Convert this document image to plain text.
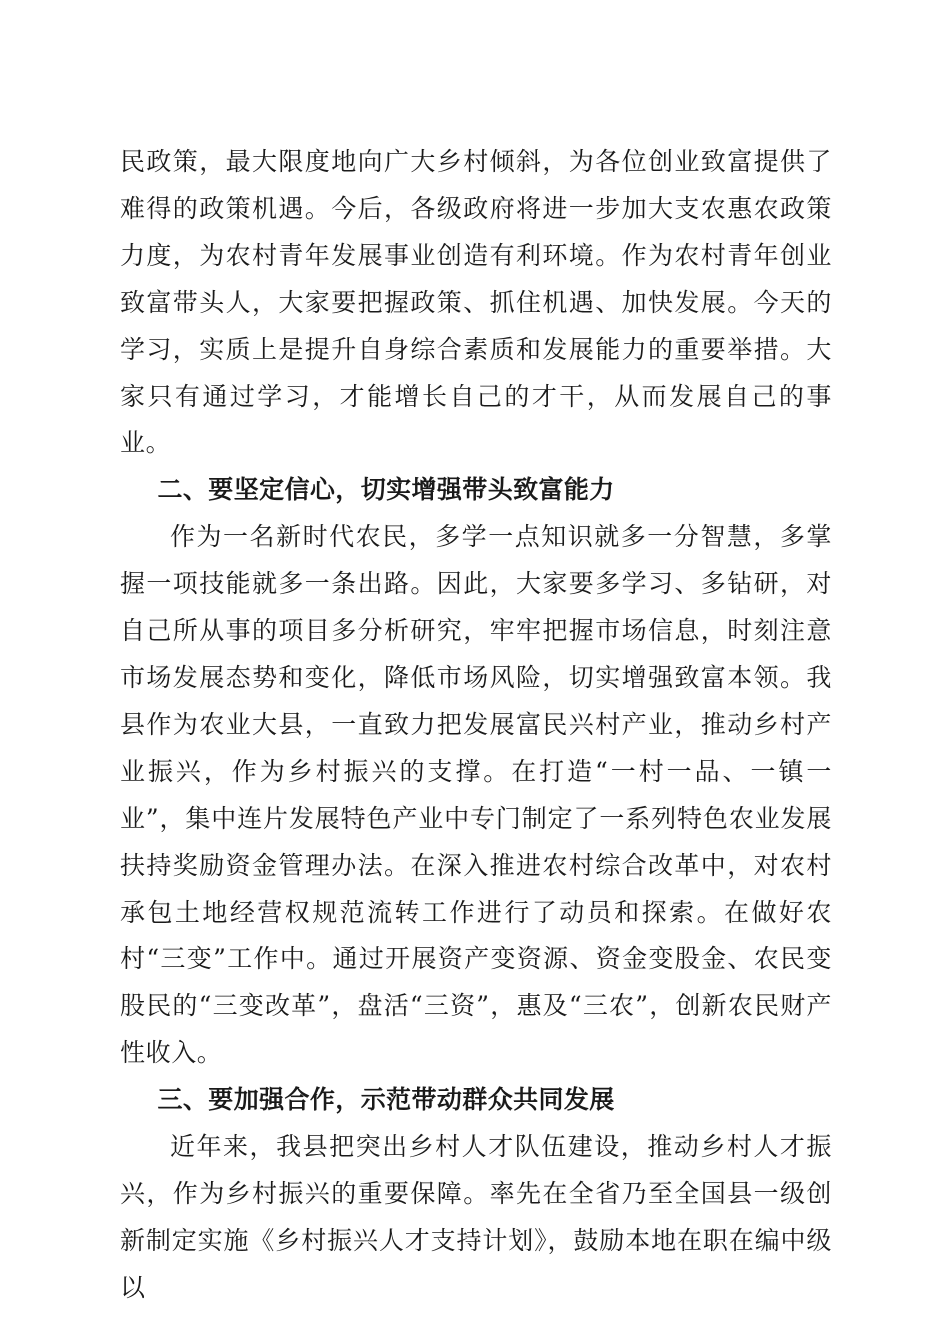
民政策，最大限度地向广大乡村倾斜，为各位创业致富提供了难得的政策机遇。今后，各级政府将进一步加大支农惠农政策力度，为农村青年发展事业创造有利环境。作为农村青年创业致富带头人，大家要把握政策、抓住机遇、加快发展。今天的学习，实质上是提升自身综合素质和发展能力的重要举措。大家只有通过学习，才能增长自己的才干，从而发展自己的事业。

二、要坚定信心，切实增强带头致富能力

作为一名新时代农民，多学一点知识就多一分智慧，多掌握一项技能就多一条出路。因此，大家要多学习、多钻研，对自己所从事的项目多分析研究，牢牢把握市场信息，时刻注意市场发展态势和变化，降低市场风险，切实增强致富本领。我县作为农业大县，一直致力把发展富民兴村产业，推动乡村产业振兴，作为乡村振兴的支撑。在打造“一村一品、一镇一业”，集中连片发展特色产业中专门制定了一系列特色农业发展扶持奖励资金管理办法。在深入推进农村综合改革中，对农村承包土地经营权规范流转工作进行了动员和探索。在做好农村“三变”工作中。通过开展资产变资源、资金变股金、农民变股民的“三变改革”，盘活“三资”，惠及“三农”，创新农民财产性收入。

三、要加强合作，示范带动群众共同发展

近年来，我县把突出乡村人才队伍建设，推动乡村人才振兴，作为乡村振兴的重要保障。率先在全省乃至全国县一级创新制定实施《乡村振兴人才支持计划》，鼓励本地在职在编中级以
